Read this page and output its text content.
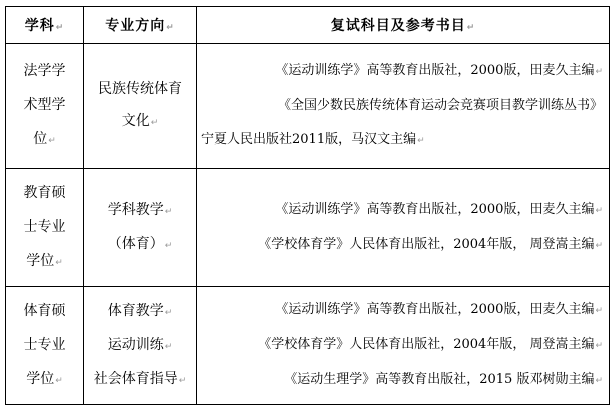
学科↵	专业方向↵	复试科目及参考书目↵

法学学
术型学
位↵	民族传统体育
文化↵	《运动训练学》高等教育出版社，2000版，田麦久主编↵
《全国少数民族传统体育运动会竞赛项目教学训练丛书》
宁夏人民出版社2011版，马汉文主编↵

教育硕
士专业
学位↵	学科教学↵
（体育）↵	《运动训练学》高等教育出版社，2000版，田麦久主编↵
《学校体育学》人民体育出版社，2004年版， 周登嵩主编↵

体育硕
士专业
学位↵	体育教学↵
运动训练↵
社会体育指导↵	《运动训练学》高等教育出版社，2000版，田麦久主编↵
《学校体育学》人民体育出版社，2004年版， 周登嵩主编↵
《运动生理学》高等教育出版社，2015 版邓树勋主编↵
